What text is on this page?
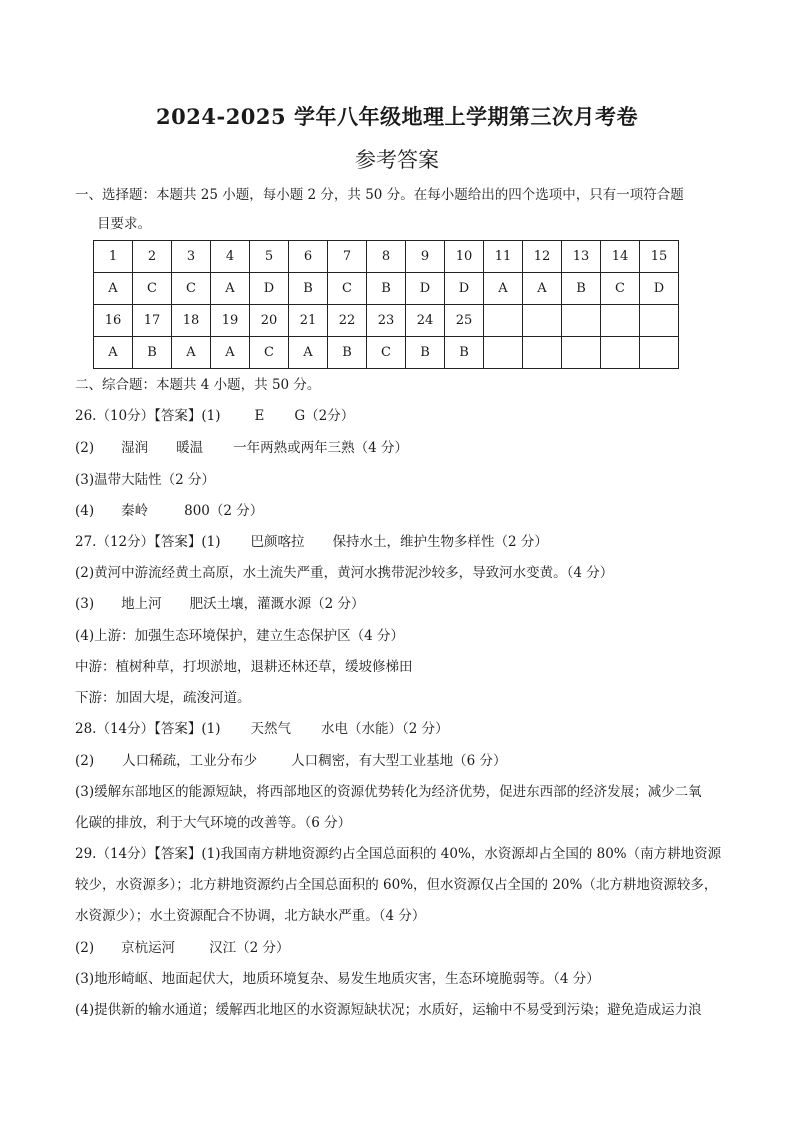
2024-2025 学年八年级地理上学期第三次月考卷
参考答案
一、选择题：本题共 25 小题，每小题 2 分，共 50 分。在每小题给出的四个选项中，只有一项符合题
目要求。
1	2	3	4	5	6	7	8	9	10	11	12	13	14	15
A	C	C	A	D	B	C	B	D	D	A	A	B	C	D
16	17	18	19	20	21	22	23	24	25					
A	B	A	A	C	A	B	C	B	B					
二、综合题：本题共 4 小题，共 50 分。
26.（10分）【答案】(1)	E G（2分）
(2) 湿润 暖温 一年两熟或两年三熟（4 分）
(3)温带大陆性（2 分）
(4) 秦岭	800（2 分）
27.（12分）【答案】(1) 巴颜喀拉 保持水土，维护生物多样性（2 分）
(2)黄河中游流经黄土高原，水土流失严重，黄河水携带泥沙较多，导致河水变黄。（4 分）
(3) 地上河 肥沃土壤，灌溉水源（2 分）
(4)上游：加强生态环境保护，建立生态保护区（4 分）
中游：植树种草，打坝淤地，退耕还林还草，缓坡修梯田
下游：加固大堤，疏浚河道。
28.（14分）【答案】(1) 天然气 水电（水能）（2 分）
(2) 人口稀疏，工业分布少	人口稠密，有大型工业基地（6 分）
(3)缓解东部地区的能源短缺，将西部地区的资源优势转化为经济优势，促进东西部的经济发展；减少二氧
化碳的排放，利于大气环境的改善等。（6 分）
29.（14分）【答案】(1)我国南方耕地资源约占全国总面积的 40%，水资源却占全国的 80%（南方耕地资源
较少，水资源多）；北方耕地资源约占全国总面积的 60%，但水资源仅占全国的 20%（北方耕地资源较多，
水资源少）；水土资源配合不协调，北方缺水严重。（4 分）
(2) 京杭运河	汉江（2 分）
(3)地形崎岖、地面起伏大，地质环境复杂、易发生地质灾害，生态环境脆弱等。（4 分）
(4)提供新的输水通道；缓解西北地区的水资源短缺状况；水质好，运输中不易受到污染；避免造成运力浪
